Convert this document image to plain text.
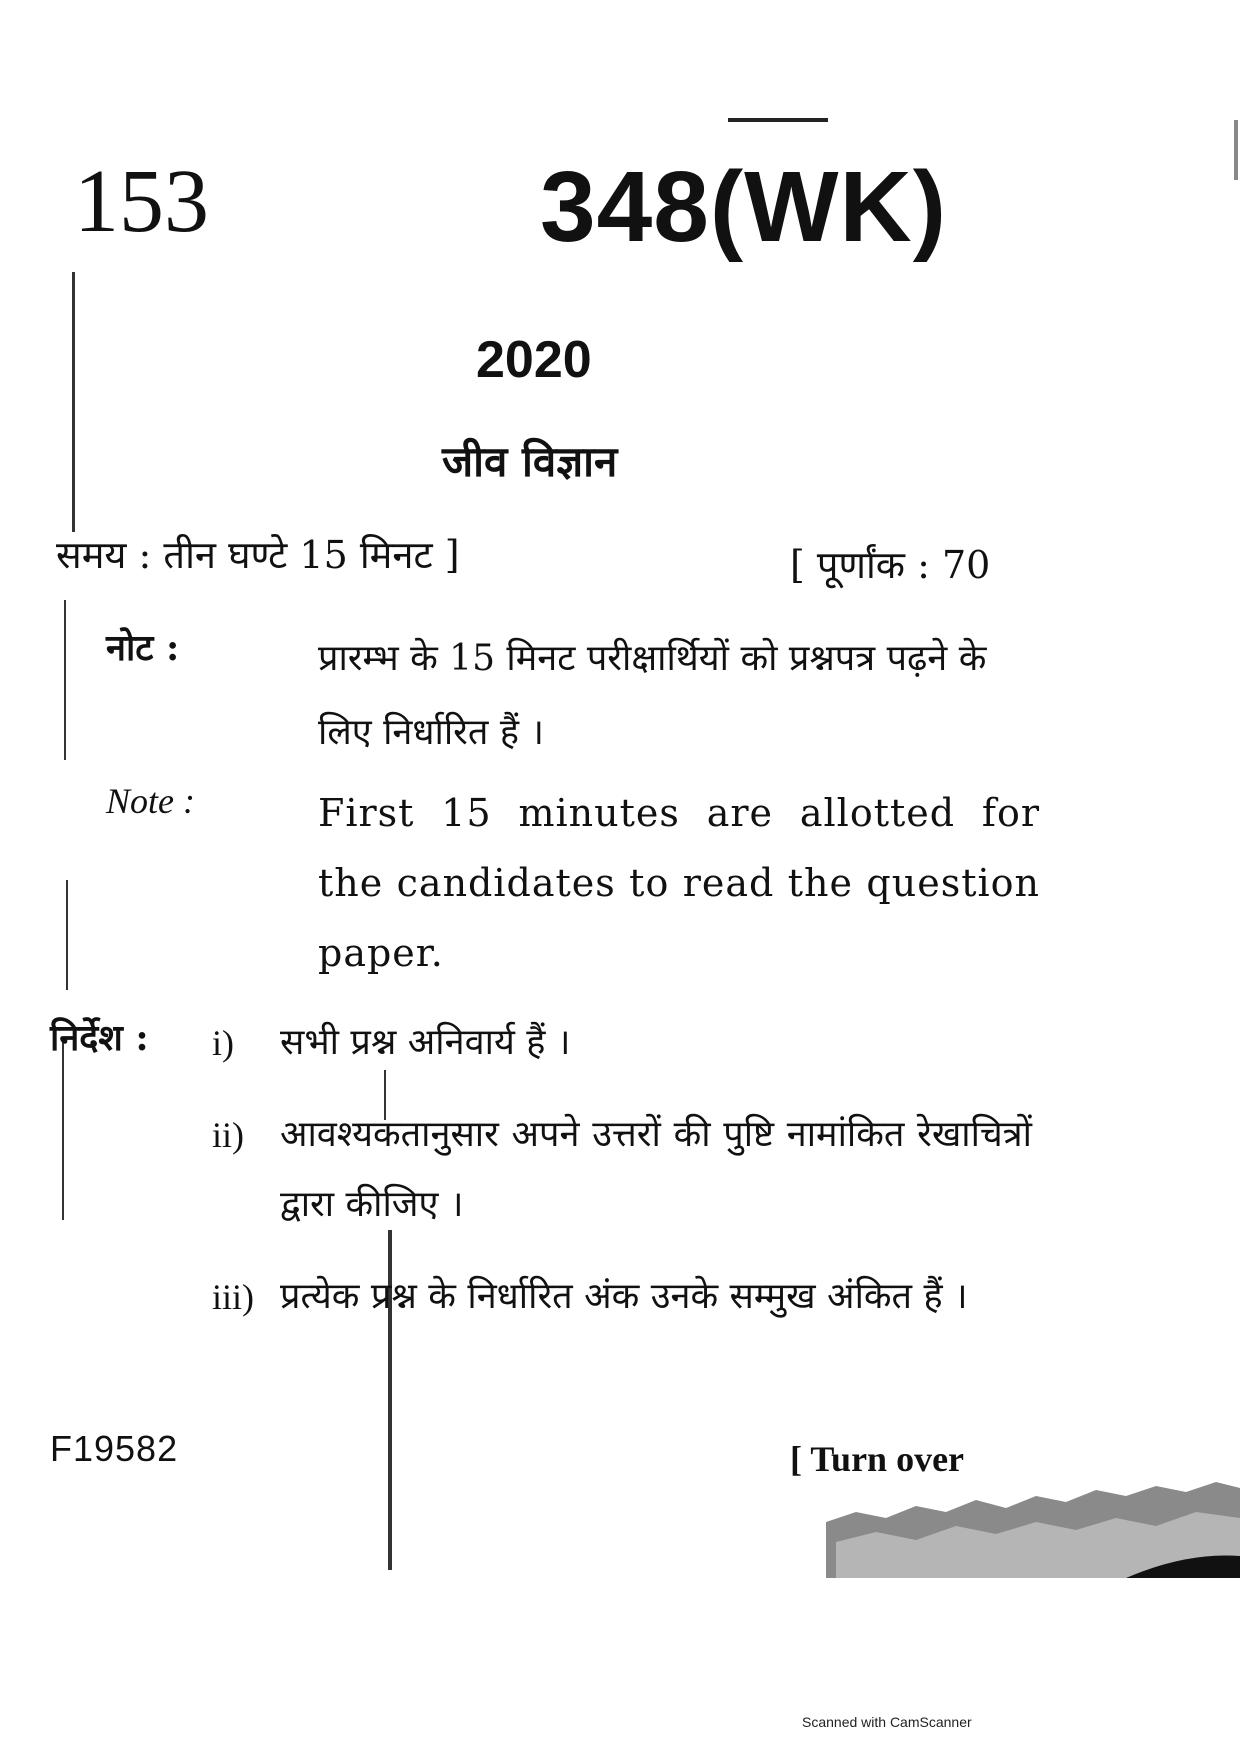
153	348(WK)
2020
जीव विज्ञान
समय : तीन घण्टे 15 मिनट ]	[ पूर्णांक : 70
नोट :	प्रारम्भ के 15 मिनट परीक्षार्थियों को प्रश्नपत्र पढ़ने के लिए निर्धारित हैं ।
Note :	First 15 minutes are allotted for the candidates to read the question paper.
निर्देश : i) सभी प्रश्न अनिवार्य हैं ।
ii) आवश्यकतानुसार अपने उत्तरों की पुष्टि नामांकित रेखाचित्रों द्वारा कीजिए ।
iii) प्रत्येक प्रश्न के निर्धारित अंक उनके सम्मुख अंकित हैं ।
F19582	[ Turn over
Scanned with CamScanner
